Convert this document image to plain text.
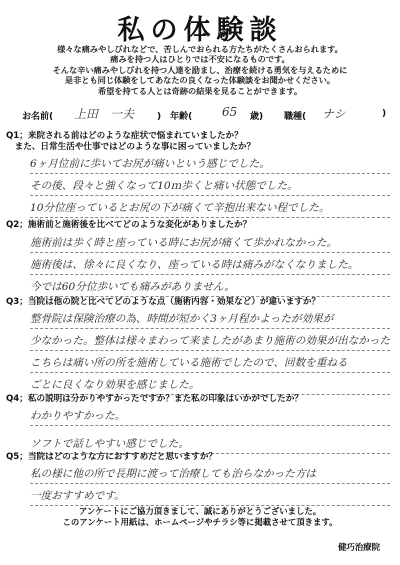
私の体験談
様々な痛みやしびれなどで、苦しんでおられる方たちがたくさんおられます。
痛みを持つ人はひとりでは不安になるものです。
そんな辛い痛みやしびれを持つ人達を励まし、治療を続ける勇気を与えるために
是非とも同じ体験をしてあなたの良くなった体験談をお聞かせください。
希望を持てる人とは奇跡の結果を見ることができます。
お名前( 上田　一夫	)　年齢( 65 歳) 職種( ナシ	)
Q1；来院される前はどのような症状で悩まれていましたか？
　また、日常生活や仕事ではどのような事に困っていましたか？
6ヶ月位前に歩いてお尻が痛いという感じでした。
その後、段々と強くなって10ｍ歩くと痛い状態でした。
10分位座っているとお尻の下が痛くて辛抱出来ない程でした。
Q2；施術前と施術後を比べてどのような変化がありましたか？
施術前は歩く時と座っている時にお尻が痛くて歩かれなかった。
施術後は、徐々に良くなり、座っている時は痛みがなくなりました。
今では60分位歩いても痛みがありません。
Q3；当院は他の院と比べてどのような点（施術内容・効果など）が違いますか？
整骨院は保険治療の為、時間が短かく3ヶ月程かよったが効果が
少なかった。整体は様々まわって来ましたがあまり施術の効果が出なかった
こちらは痛い所の所を施術している施術でしたので、回数を重ねる
ごとに良くなり効果を感じました。
Q4；私の説明は分かりやすかったですか？また私の印象はいかがでしたか？
わかりやすかった。
ソフトで話しやすい感じでした。
Q5；当院はどのような方におすすめだと思いますか？
私の様に他の所で長期に渡って治療しても治らなかった方は
一度おすすめです。
アンケートにご協力頂きまして、誠にありがとうございました。
このアンケート用紙は、ホームページやチラシ等に掲載させて頂きます。
健巧治療院
